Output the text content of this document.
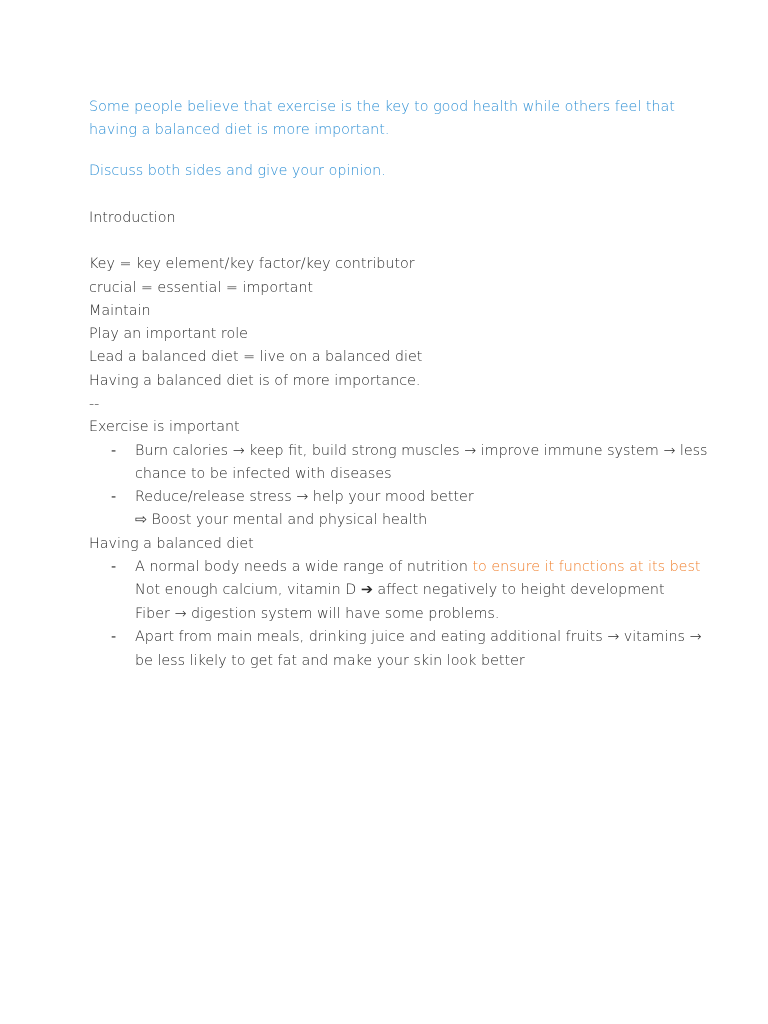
Some people believe that exercise is the key to good health while others feel that

having a balanced diet is more important.

Discuss both sides and give your opinion.

Introduction

Key = key element/key factor/key contributor

crucial = essential = important

Maintain

Play an important role

Lead a balanced diet = live on a balanced diet

Having a balanced diet is of more importance.

--

Exercise is important

- Burn calories → keep fit, build strong muscles → improve immune system → less

chance to be infected with diseases

- Reduce/release stress → help your mood better

⇨ Boost your mental and physical health

Having a balanced diet

- A normal body needs a wide range of nutrition to ensure it functions at its best

Not enough calcium, vitamin D ➔ affect negatively to height development

Fiber → digestion system will have some problems.

- Apart from main meals, drinking juice and eating additional fruits → vitamins →

be less likely to get fat and make your skin look better
